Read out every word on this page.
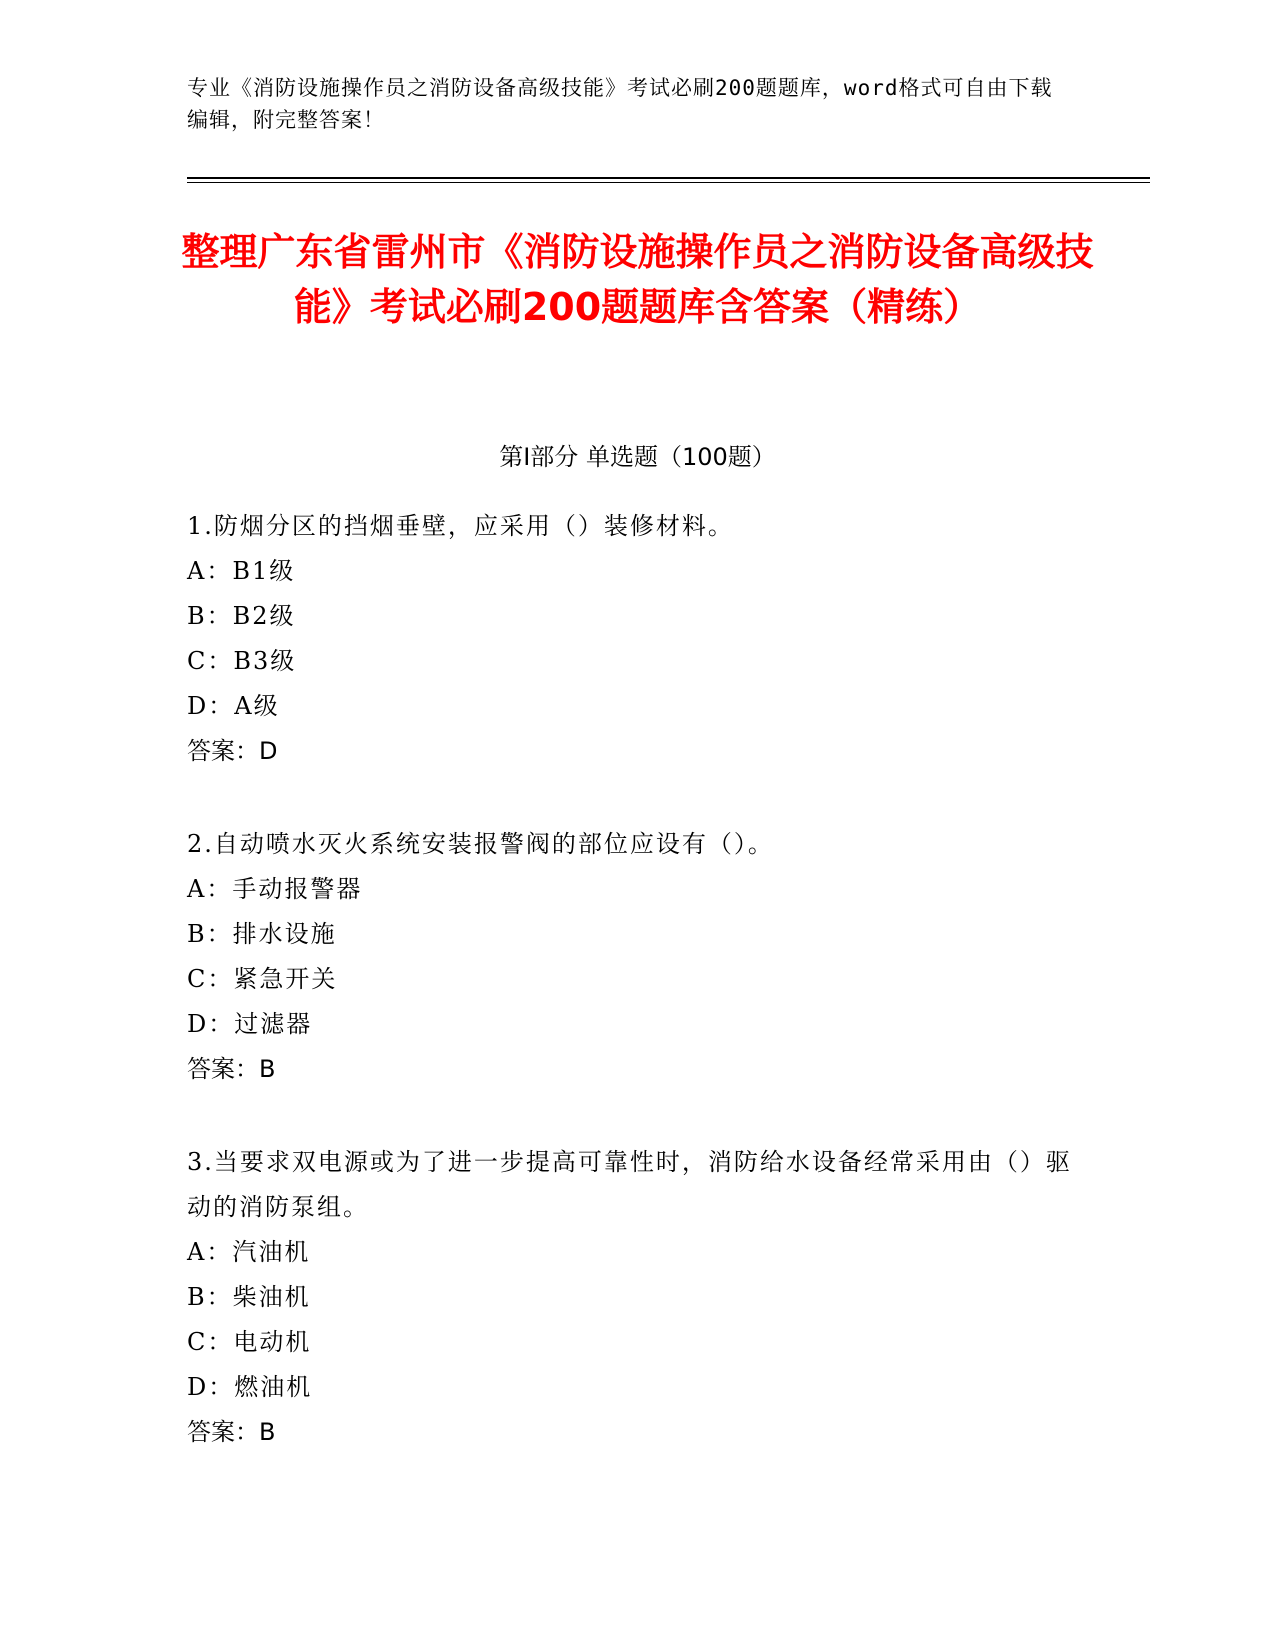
专业《消防设施操作员之消防设备高级技能》考试必刷200题题库，word格式可自由下载编辑，附完整答案！
整理广东省雷州市《消防设施操作员之消防设备高级技能》考试必刷200题题库含答案（精练）
第Ⅰ部分 单选题（100题）
1.防烟分区的挡烟垂壁，应采用（）装修材料。
A：B1级
B：B2级
C：B3级
D：A级
答案：D
2.自动喷水灭火系统安装报警阀的部位应设有（）。
A：手动报警器
B：排水设施
C：紧急开关
D：过滤器
答案：B
3.当要求双电源或为了进一步提高可靠性时，消防给水设备经常采用由（）驱动的消防泵组。
A：汽油机
B：柴油机
C：电动机
D：燃油机
答案：B
